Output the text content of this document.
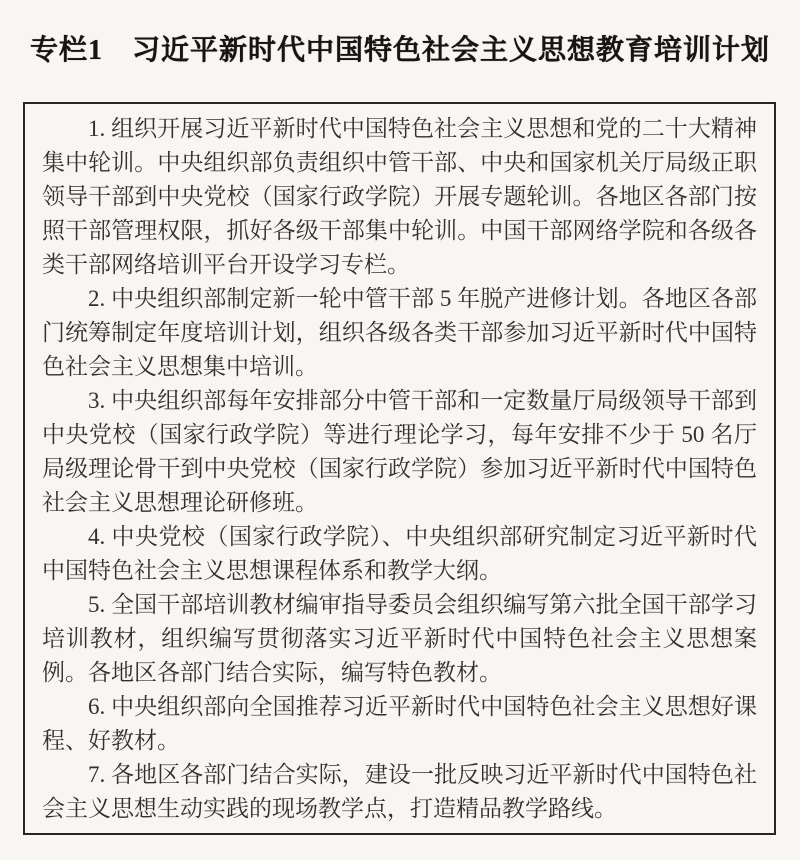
专栏1　习近平新时代中国特色社会主义思想教育培训计划

1. 组织开展习近平新时代中国特色社会主义思想和党的二十大精神集中轮训。中央组织部负责组织中管干部、中央和国家机关厅局级正职领导干部到中央党校（国家行政学院）开展专题轮训。各地区各部门按照干部管理权限，抓好各级干部集中轮训。中国干部网络学院和各级各类干部网络培训平台开设学习专栏。

2. 中央组织部制定新一轮中管干部 5 年脱产进修计划。各地区各部门统筹制定年度培训计划，组织各级各类干部参加习近平新时代中国特色社会主义思想集中培训。

3. 中央组织部每年安排部分中管干部和一定数量厅局级领导干部到中央党校（国家行政学院）等进行理论学习，每年安排不少于 50 名厅局级理论骨干到中央党校（国家行政学院）参加习近平新时代中国特色社会主义思想理论研修班。

4. 中央党校（国家行政学院）、中央组织部研究制定习近平新时代中国特色社会主义思想课程体系和教学大纲。

5. 全国干部培训教材编审指导委员会组织编写第六批全国干部学习培训教材，组织编写贯彻落实习近平新时代中国特色社会主义思想案例。各地区各部门结合实际，编写特色教材。

6. 中央组织部向全国推荐习近平新时代中国特色社会主义思想好课程、好教材。

7. 各地区各部门结合实际，建设一批反映习近平新时代中国特色社会主义思想生动实践的现场教学点，打造精品教学路线。
